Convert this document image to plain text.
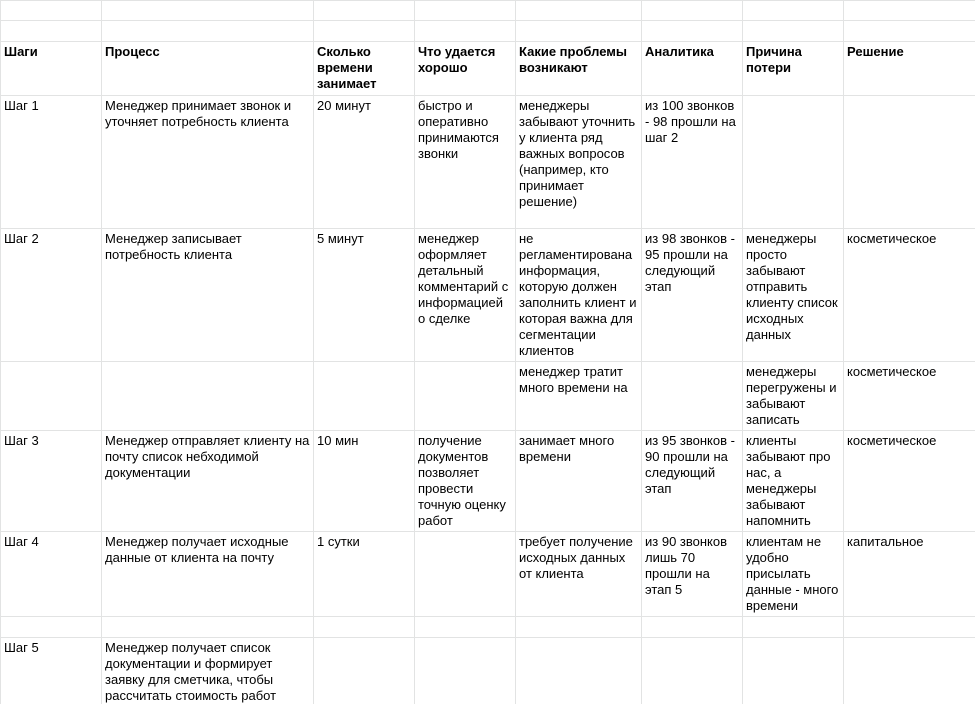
Шаги	Процесс	Сколько времени занимает	Что удается хорошо	Какие проблемы возникают	Аналитика	Причина потери	Решение

Шаг 1	Менеджер принимает звонок и уточняет потребность клиента	20 минут	быстро и оперативно принимаются звонки	менеджеры забывают уточнить у клиента ряд важных вопросов (например, кто принимает решение)	из 100 звонков - 98 прошли на шаг 2		

Шаг 2	Менеджер записывает потребность клиента	5 минут	менеджер оформляет детальный комментарий с информацией о сделке	не регламентирована информация, которую должен заполнить клиент и которая важна для сегментации клиентов	из 98 звонков - 95 прошли на следующий этап	менеджеры просто забывают отправить клиенту список исходных данных	косметическое

				менеджер тратит много времени на		менеджеры перегружены и забывают записать	косметическое

Шаг 3	Менеджер отправляет клиенту на почту список небходимой документации	10 мин	получение документов позволяет провести точную оценку работ	занимает много времени	из 95 звонков - 90 прошли на следующий этап	клиенты забывают про нас, а менеджеры забывают напомнить	косметическое

Шаг 4	Менеджер получает исходные данные от клиента на почту	1 сутки		требует получение исходных данных от клиента	из 90 звонков лишь 70 прошли на этап 5	клиентам не удобно присылать данные - много времени	капитальное

Шаг 5	Менеджер получает список документации и формирует заявку для сметчика, чтобы рассчитать стоимость работ						
